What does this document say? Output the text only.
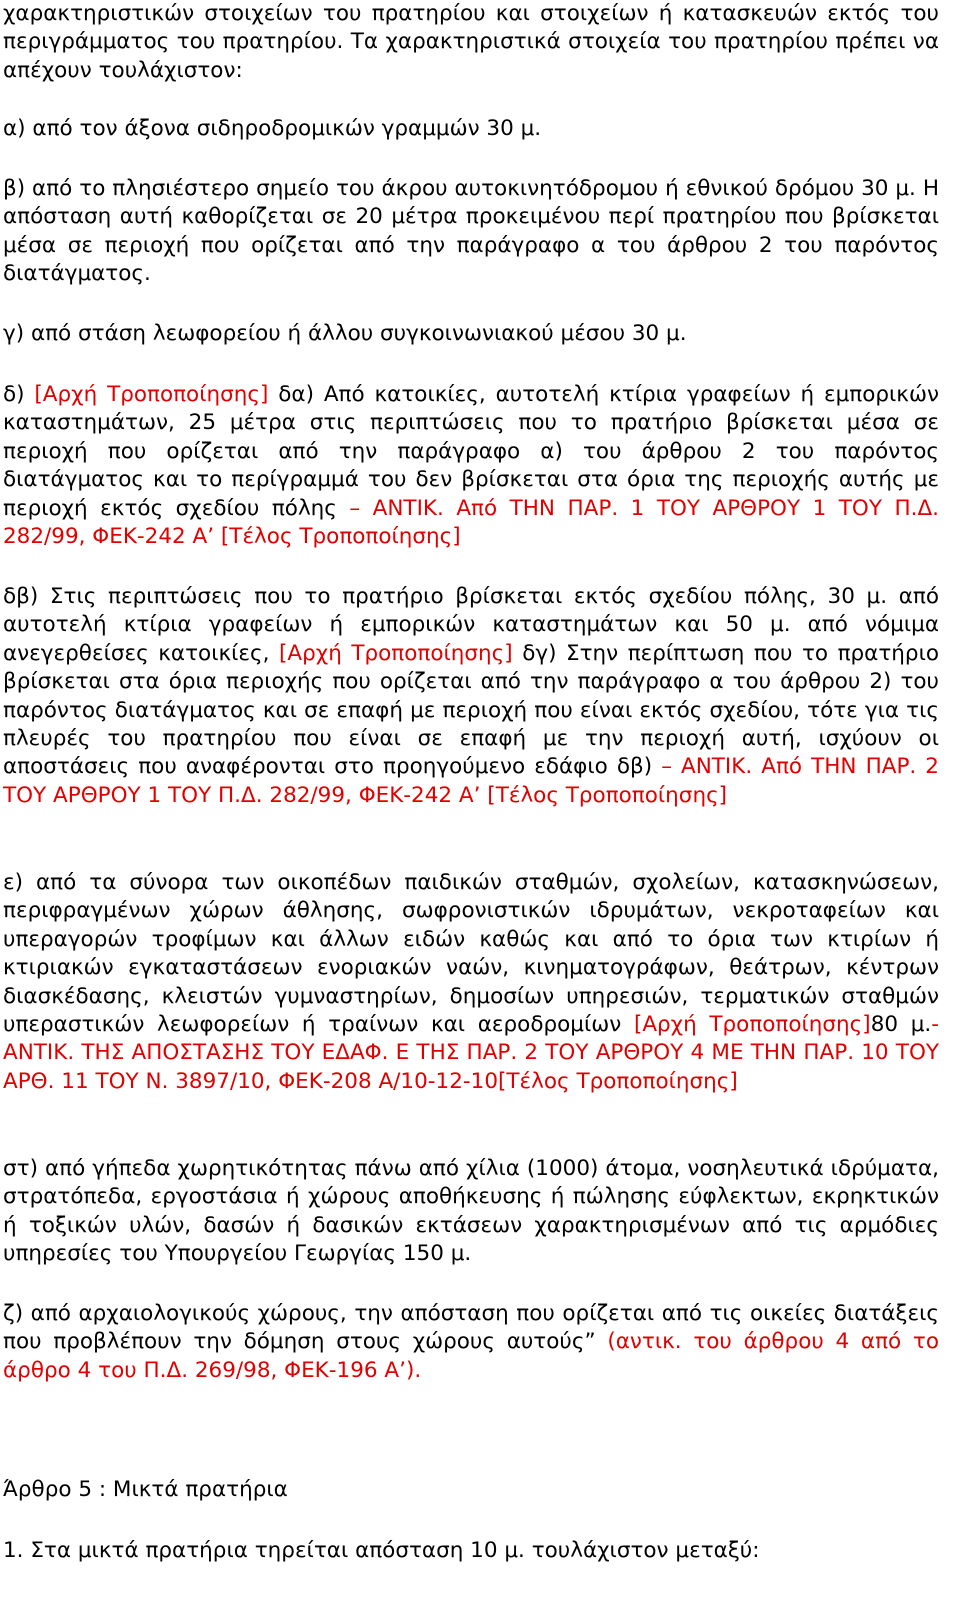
χαρακτηριστικών στοιχείων του πρατηρίου και στοιχείων ή κατασκευών εκτός του περιγράμματος του πρατηρίου. Τα χαρακτηριστικά στοιχεία του πρατηρίου πρέπει να απέχουν τουλάχιστον:

α) από τον άξονα σιδηροδρομικών γραμμών 30 μ.

β) από το πλησιέστερο σημείο του άκρου αυτοκινητόδρομου ή εθνικού δρόμου 30 μ. Η απόσταση αυτή καθορίζεται σε 20 μέτρα προκειμένου περί πρατηρίου που βρίσκεται μέσα σε περιοχή που ορίζεται από την παράγραφο α του άρθρου 2 του παρόντος διατάγματος.

γ) από στάση λεωφορείου ή άλλου συγκοινωνιακού μέσου 30 μ.

δ) [Αρχή Τροποποίησης] δα) Από κατοικίες, αυτοτελή κτίρια γραφείων ή εμπορικών καταστημάτων, 25 μέτρα στις περιπτώσεις που το πρατήριο βρίσκεται μέσα σε περιοχή που ορίζεται από την παράγραφο α) του άρθρου 2 του παρόντος διατάγματος και το περίγραμμά του δεν βρίσκεται στα όρια της περιοχής αυτής με περιοχή εκτός σχεδίου πόλης – ΑΝΤΙΚ. Από ΤΗΝ ΠΑΡ. 1 ΤΟΥ ΑΡΘΡΟΥ 1 ΤΟΥ Π.Δ. 282/99, ΦΕΚ-242 Α’ [Τέλος Τροποποίησης]

δβ) Στις περιπτώσεις που το πρατήριο βρίσκεται εκτός σχεδίου πόλης, 30 μ. από αυτοτελή κτίρια γραφείων ή εμπορικών καταστημάτων και 50 μ. από νόμιμα ανεγερθείσες κατοικίες, [Αρχή Τροποποίησης] δγ) Στην περίπτωση που το πρατήριο βρίσκεται στα όρια περιοχής που ορίζεται από την παράγραφο α του άρθρου 2) του παρόντος διατάγματος και σε επαφή με περιοχή που είναι εκτός σχεδίου, τότε για τις πλευρές του πρατηρίου που είναι σε επαφή με την περιοχή αυτή, ισχύουν οι αποστάσεις που αναφέρονται στο προηγούμενο εδάφιο δβ) – ΑΝΤΙΚ. Από ΤΗΝ ΠΑΡ. 2 ΤΟΥ ΑΡΘΡΟΥ 1 ΤΟΥ Π.Δ. 282/99, ΦΕΚ-242 Α’ [Τέλος Τροποποίησης]

ε) από τα σύνορα των οικοπέδων παιδικών σταθμών, σχολείων, κατασκηνώσεων, περιφραγμένων χώρων άθλησης, σωφρονιστικών ιδρυμάτων, νεκροταφείων και υπεραγορών τροφίμων και άλλων ειδών καθώς και από το όρια των κτιρίων ή κτιριακών εγκαταστάσεων ενοριακών ναών, κινηματογράφων, θεάτρων, κέντρων διασκέδασης, κλειστών γυμναστηρίων, δημοσίων υπηρεσιών, τερματικών σταθμών υπεραστικών λεωφορείων ή τραίνων και αεροδρομίων [Αρχή Τροποποίησης]80 μ.- ΑΝΤΙΚ. ΤΗΣ ΑΠΟΣΤΑΣΗΣ ΤΟΥ ΕΔΑΦ. Ε ΤΗΣ ΠΑΡ. 2 ΤΟΥ ΑΡΘΡΟΥ 4 ΜΕ ΤΗΝ ΠΑΡ. 10 ΤΟΥ ΑΡΘ. 11 ΤΟΥ Ν. 3897/10, ΦΕΚ-208 Α/10-12-10[Τέλος Τροποποίησης]

στ) από γήπεδα χωρητικότητας πάνω από χίλια (1000) άτομα, νοσηλευτικά ιδρύματα, στρατόπεδα, εργοστάσια ή χώρους αποθήκευσης ή πώλησης εύφλεκτων, εκρηκτικών ή τοξικών υλών, δασών ή δασικών εκτάσεων χαρακτηρισμένων από τις αρμόδιες υπηρεσίες του Υπουργείου Γεωργίας 150 μ.

ζ) από αρχαιολογικούς χώρους, την απόσταση που ορίζεται από τις οικείες διατάξεις που προβλέπουν την δόμηση στους χώρους αυτούς” (αντικ. του άρθρου 4 από το άρθρο 4 του Π.Δ. 269/98, ΦΕΚ-196 Α’).

Άρθρο 5 : Μικτά πρατήρια

1. Στα μικτά πρατήρια τηρείται απόσταση 10 μ. τουλάχιστον μεταξύ:
